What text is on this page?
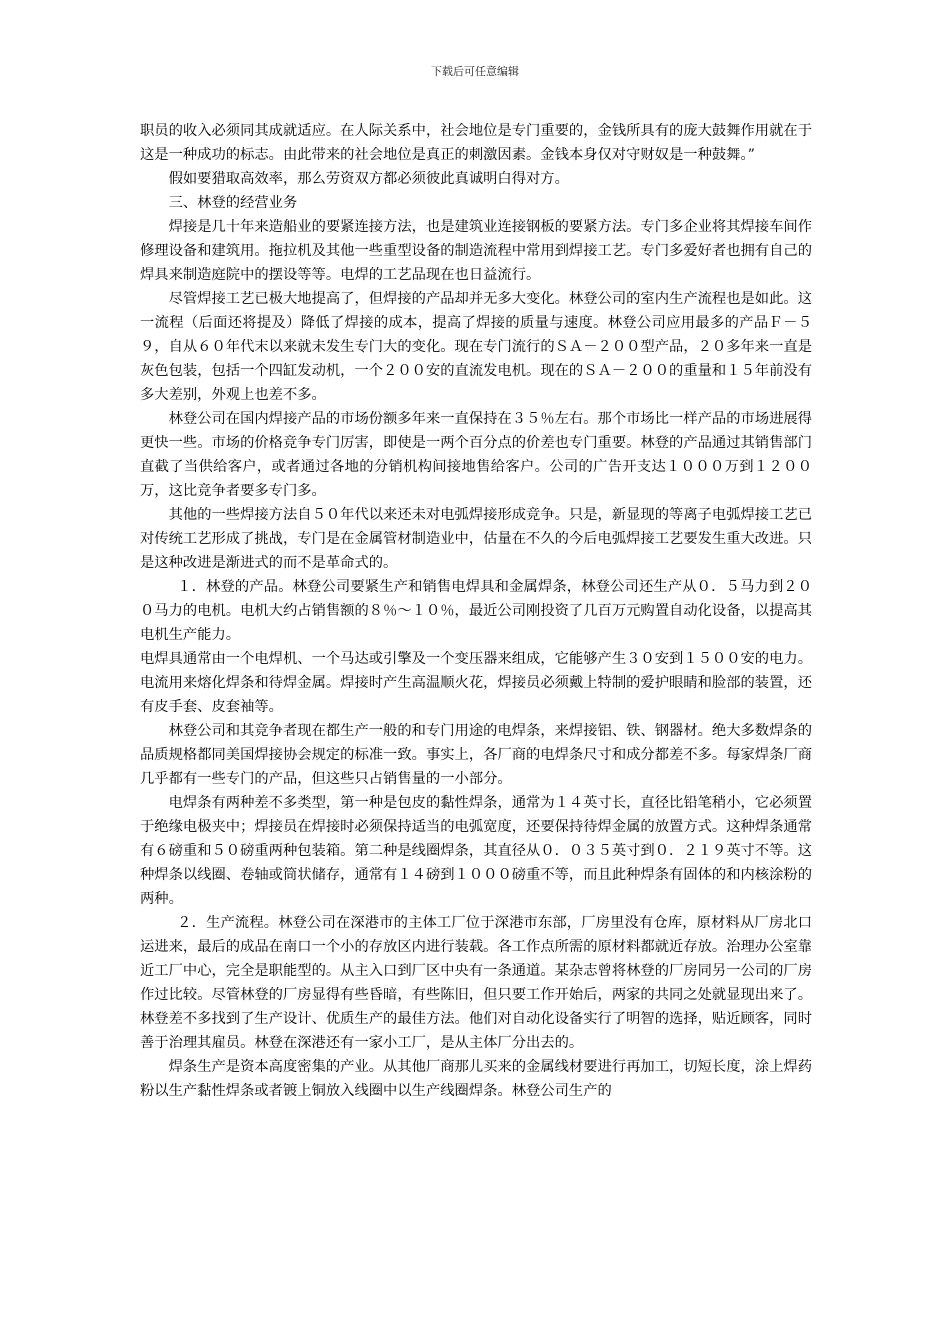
下载后可任意编辑

职员的收入必须同其成就适应。在人际关系中，社会地位是专门重要的，金钱所具有的庞大鼓舞作用就在于这是一种成功的标志。由此带来的社会地位是真正的刺激因素。金钱本身仅对守财奴是一种鼓舞。”

假如要猎取高效率，那么劳资双方都必须彼此真诚明白得对方。

三、林登的经营业务

焊接是几十年来造船业的要紧连接方法，也是建筑业连接钢板的要紧方法。专门多企业将其焊接车间作修理设备和建筑用。拖拉机及其他一些重型设备的制造流程中常用到焊接工艺。专门多爱好者也拥有自己的焊具来制造庭院中的摆设等等。电焊的工艺品现在也日益流行。

尽管焊接工艺已极大地提高了，但焊接的产品却并无多大变化。林登公司的室内生产流程也是如此。这一流程（后面还将提及）降低了焊接的成本，提高了焊接的质量与速度。林登公司应用最多的产品Ｆ－５９，自从６０年代末以来就未发生专门大的变化。现在专门流行的ＳＡ－２００型产品，２０多年来一直是灰色包装，包括一个四缸发动机，一个２００安的直流发电机。现在的ＳＡ－２００的重量和１５年前没有多大差别，外观上也差不多。

林登公司在国内焊接产品的市场份额多年来一直保持在３５％左右。那个市场比一样产品的市场进展得更快一些。市场的价格竞争专门厉害，即使是一两个百分点的价差也专门重要。林登的产品通过其销售部门直截了当供给客户，或者通过各地的分销机构间接地售给客户。公司的广告开支达１０００万到１２００万，这比竞争者要多专门多。

其他的一些焊接方法自５０年代以来还未对电弧焊接形成竞争。只是，新显现的等离子电弧焊接工艺已对传统工艺形成了挑战，专门是在金属管材制造业中，估量在不久的今后电弧焊接工艺要发生重大改进。只是这种改进是渐进式的而不是革命式的。

１．林登的产品。林登公司要紧生产和销售电焊具和金属焊条，林登公司还生产从０．５马力到２００马力的电机。电机大约占销售额的８％～１０％，最近公司刚投资了几百万元购置自动化设备，以提高其电机生产能力。

电焊具通常由一个电焊机、一个马达或引擎及一个变压器来组成，它能够产生３０安到１５００安的电力。电流用来熔化焊条和待焊金属。焊接时产生高温顺火花，焊接员必须戴上特制的爱护眼睛和脸部的装置，还有皮手套、皮套袖等。

林登公司和其竞争者现在都生产一般的和专门用途的电焊条，来焊接铝、铁、钢器材。绝大多数焊条的品质规格都同美国焊接协会规定的标准一致。事实上，各厂商的电焊条尺寸和成分都差不多。每家焊条厂商几乎都有一些专门的产品，但这些只占销售量的一小部分。

电焊条有两种差不多类型，第一种是包皮的黏性焊条，通常为１４英寸长，直径比铅笔稍小，它必须置于绝缘电极夹中；焊接员在焊接时必须保持适当的电弧宽度，还要保持待焊金属的放置方式。这种焊条通常有６磅重和５０磅重两种包装箱。第二种是线圈焊条，其直径从０．０３５英寸到０．２１９英寸不等。这种焊条以线圈、卷轴或筒状储存，通常有１４磅到１０００磅重不等，而且此种焊条有固体的和内核涂粉的两种。

２．生产流程。林登公司在深港市的主体工厂位于深港市东部，厂房里没有仓库，原材料从厂房北口运进来，最后的成品在南口一个小的存放区内进行装载。各工作点所需的原材料都就近存放。治理办公室靠近工厂中心，完全是职能型的。从主入口到厂区中央有一条通道。某杂志曾将林登的厂房同另一公司的厂房作过比较。尽管林登的厂房显得有些昏暗，有些陈旧，但只要工作开始后，两家的共同之处就显现出来了。林登差不多找到了生产设计、优质生产的最佳方法。他们对自动化设备实行了明智的选择，贴近顾客，同时善于治理其雇员。林登在深港还有一家小工厂，是从主体厂分出去的。

焊条生产是资本高度密集的产业。从其他厂商那儿买来的金属线材要进行再加工，切短长度，涂上焊药粉以生产黏性焊条或者镀上铜放入线圈中以生产线圈焊条。林登公司生产的
